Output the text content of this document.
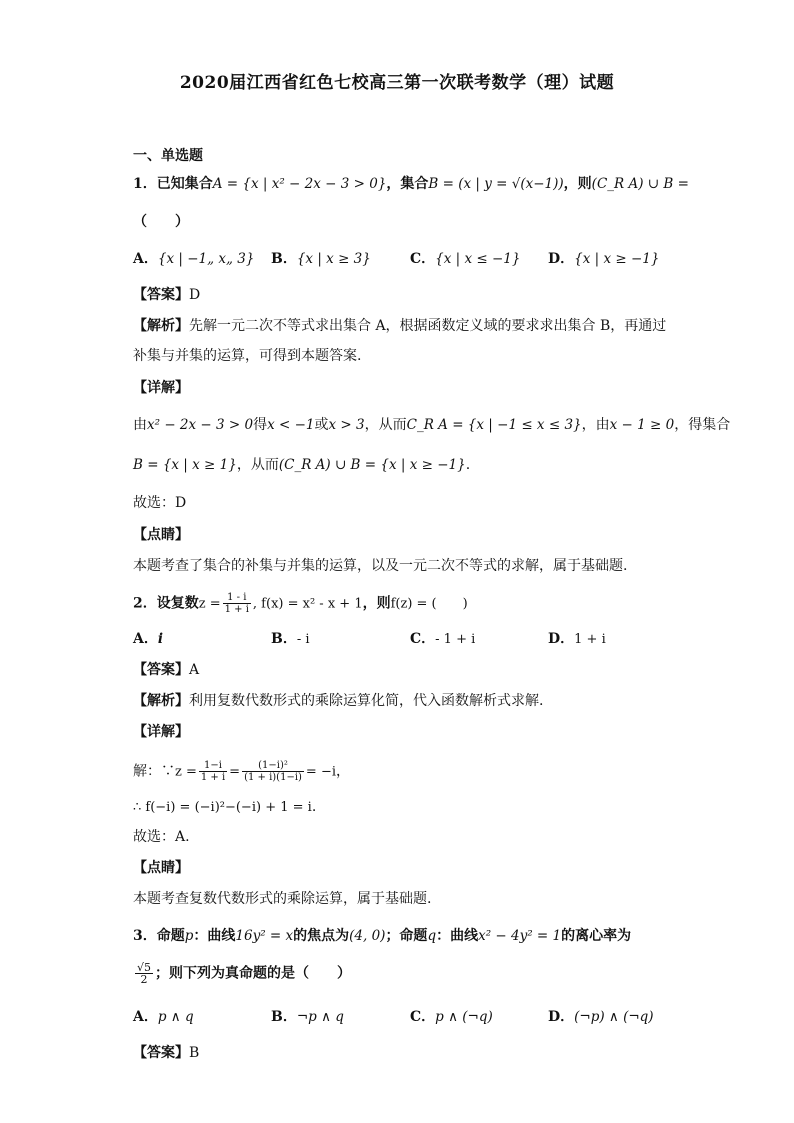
2020届江西省红色七校高三第一次联考数学（理）试题
一、单选题
1．已知集合A = {x | x² − 2x − 3 > 0}，集合B = (x | y = √(x−1))，则(C_R A) ∪ B =
（　　）
A．{x | −1„ x„ 3} B．{x | x ≥ 3}	C．{x | x ≤ −1} D．{x | x ≥ −1}
【答案】D
【解析】先解一元二次不等式求出集合 A，根据函数定义域的要求求出集合 B，再通过
补集与并集的运算，可得到本题答案.
【详解】
由x² − 2x − 3 > 0得x < −1或x > 3，从而C_R A = {x | −1 ≤ x ≤ 3}，由x − 1 ≥ 0，得集合
B = {x | x ≥ 1}，从而(C_R A) ∪ B = {x | x ≥ −1}.
故选：D
【点睛】
本题考查了集合的补集与并集的运算，以及一元二次不等式的求解，属于基础题.
2．设复数$z = \frac{1 - i}{1 + i}$ , f(x) = x² - x + 1，则f(z) = (　　)
A．i	B．- i	C．- 1 + i	D．1 + i
【答案】A
【解析】利用复数代数形式的乘除运算化简，代入函数解析式求解.
【详解】
解：∵z = $\frac{1-i}{1 + i} = \frac{\text{(1−i)²}}{(1 + i)(1-i)} = -i$，
∴ f(−i) = (−i)²−(−i) + 1 = i.
故选：A.
【点睛】
本题考查复数代数形式的乘除运算，属于基础题.
3．命题p：曲线16y² = x的焦点为(4, 0)；命题q：曲线x² − 4y² = 1的离心率为
$\frac{√5}{2}$ ；则下列为真命题的是（　　）
A．p ∧ q	B．¬p ∧ q	C．p ∧ (¬q)	D．(¬p) ∧ (¬q)
【答案】B
